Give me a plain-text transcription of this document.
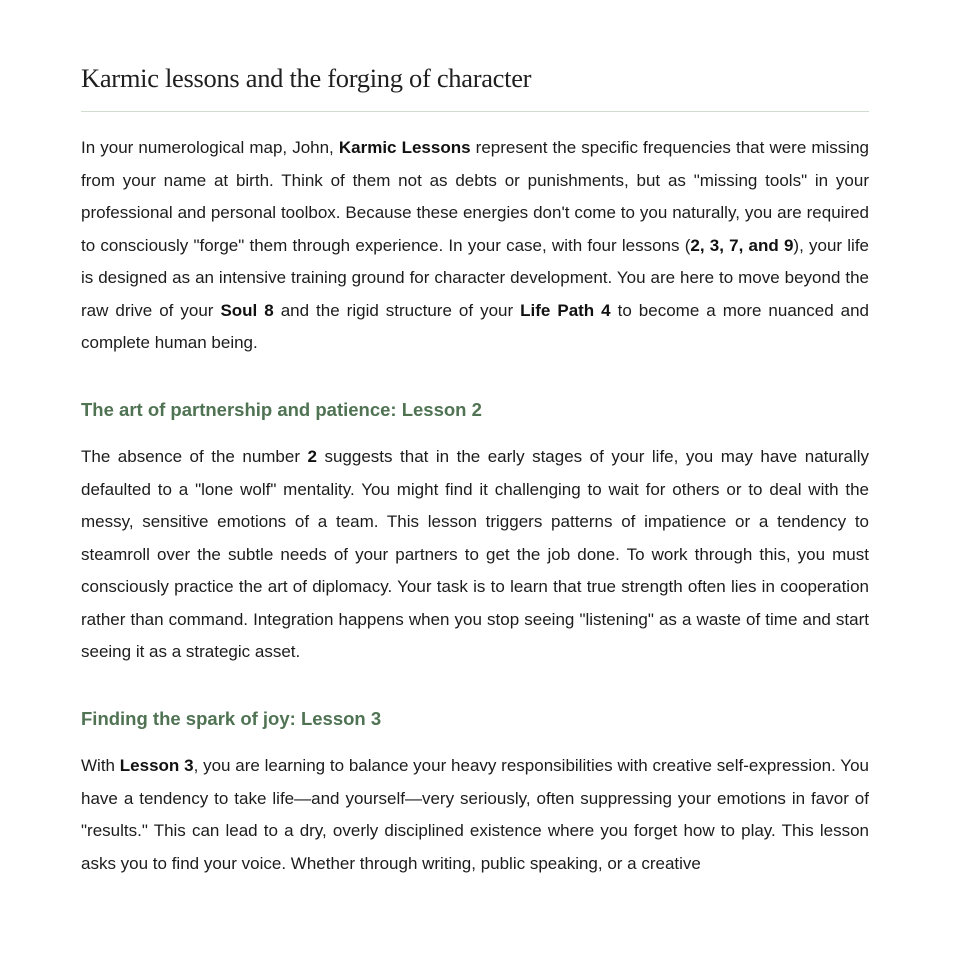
Karmic lessons and the forging of character

In your numerological map, John, Karmic Lessons represent the specific frequencies that were missing from your name at birth. Think of them not as debts or punishments, but as "missing tools" in your professional and personal toolbox. Because these energies don't come to you naturally, you are required to consciously "forge" them through experience. In your case, with four lessons (2, 3, 7, and 9), your life is designed as an intensive training ground for character development. You are here to move beyond the raw drive of your Soul 8 and the rigid structure of your Life Path 4 to become a more nuanced and complete human being.

The art of partnership and patience: Lesson 2

The absence of the number 2 suggests that in the early stages of your life, you may have naturally defaulted to a "lone wolf" mentality. You might find it challenging to wait for others or to deal with the messy, sensitive emotions of a team. This lesson triggers patterns of impatience or a tendency to steamroll over the subtle needs of your partners to get the job done. To work through this, you must consciously practice the art of diplomacy. Your task is to learn that true strength often lies in cooperation rather than command. Integration happens when you stop seeing "listening" as a waste of time and start seeing it as a strategic asset.

Finding the spark of joy: Lesson 3

With Lesson 3, you are learning to balance your heavy responsibilities with creative self-expression. You have a tendency to take life—and yourself—very seriously, often suppressing your emotions in favor of "results." This can lead to a dry, overly disciplined existence where you forget how to play. This lesson asks you to find your voice. Whether through writing, public speaking, or a creative
